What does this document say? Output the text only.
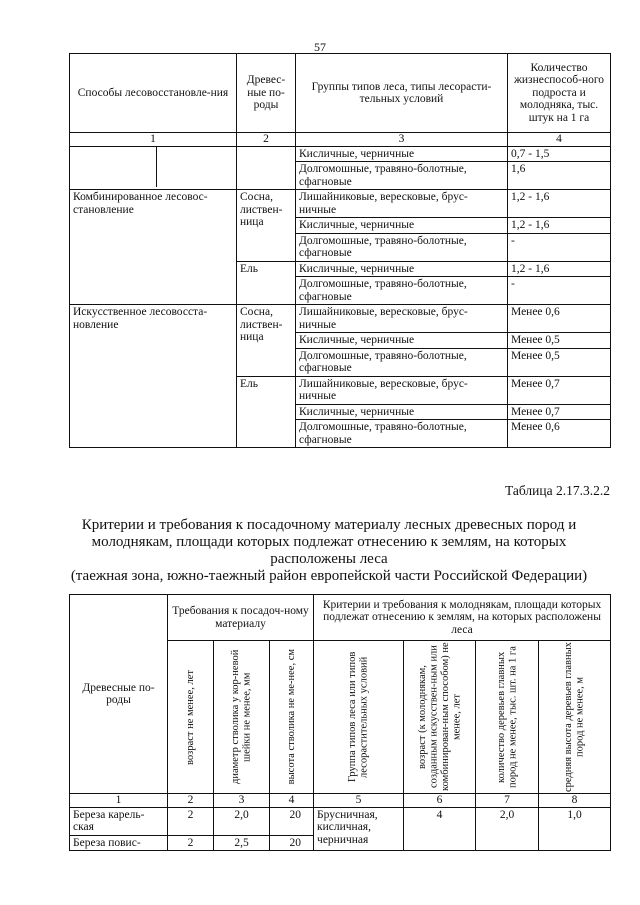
57
Способы лесовосстановле-ния	Древес-ные по-роды	Группы типов леса, типы лесорасти-тельных условий	Количество жизнеспособ-ного подроста и молодняка, тыс. штук на 1 га
1	2	3	4

		Кисличные, черничные	0,7 - 1,5
		Долгомошные, травяно-болотные, сфагновые	1,6
Комбинированное лесовос-становление	Сосна, листвен-ница	Лишайниковые, вересковые, брус-ничные	1,2 - 1,6
		Кисличные, черничные	1,2 - 1,6
		Долгомошные, травяно-болотные, сфагновые	-
	Ель	Кисличные, черничные	1,2 - 1,6
		Долгомошные, травяно-болотные, сфагновые	-
Искусственное лесовосста-новление	Сосна, листвен-ница	Лишайниковые, вересковые, брус-ничные	Менее 0,6
		Кисличные, черничные	Менее 0,5
		Долгомошные, травяно-болотные, сфагновые	Менее 0,5
	Ель	Лишайниковые, вересковые, брус-ничные	Менее 0,7
		Кисличные, черничные	Менее 0,7
		Долгомошные, травяно-болотные, сфагновые	Менее 0,6
Таблица 2.17.3.2.2
Критерии и требования к посадочному материалу лесных древесных пород и
молоднякам, площади которых подлежат отнесению к землям, на которых
расположены леса
(таежная зона, южно-таежный район европейской части Российской Федерации)
Древесные по-роды	Требования к посадоч-ному материалу			Критерии и требования к молоднякам, площади которых подлежат отнесению к землям, на которых расположены леса			

	возраст не менее, лет	диаметр стволика у кор-невой шейки не менее, мм	высота стволика не ме-нее, см	Группа типов леса или типов лесорастительных условий	возраст (к молоднякам, созданным искусствен-ным или комбинирован-ным способом) не менее, лет	количество деревьев главных пород не менее, тыс. шт. на 1 га	средняя высота деревьев главных пород не менее, м

1	2	3	4	5	6	7	8
Береза карель-ская	2	2,0	20	Брусничная, кисличная, черничная	4	2,0	1,0
Береза повис-	2	2,5	20				
